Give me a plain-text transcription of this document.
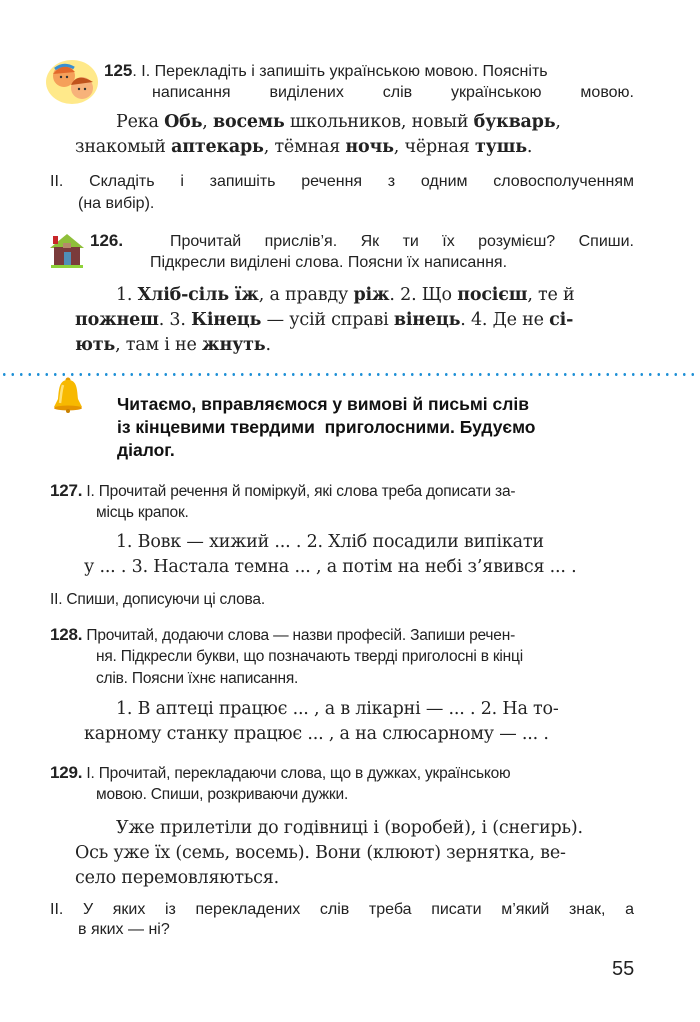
125. І. Перекладіть і запишіть українською мовою. Поясніть
написання виділених слів українською мовою.
Река Обь, восемь школьников, новый букварь,
знакомый аптекарь, тёмная ночь, чёрная тушь.
ІІ. Складіть і запишіть речення з одним словосполученням
(на вибір).
126.	Прочитай прислів’я. Як ти їх розумієш? Спиши.
Підкресли виділені слова. Поясни їх написання.
1. Хліб-сіль їж, а правду ріж. 2. Що посієш, те й
пожнеш. 3. Кінець — усій справі вінець. 4. Де не сі-
ють, там і не жнуть.
Читаємо, вправляємося у вимові й письмі слів
із кінцевими твердими  приголосними. Будуємо
діалог.
127. І. Прочитай речення й поміркуй, які слова треба дописати за-
місць крапок.
1. Вовк — хижий ... . 2. Хліб посадили випікати
у ... . 3. Настала темна ... , а потім на небі з’явився ... .
ІІ. Спиши, дописуючи ці слова.
128. Прочитай, додаючи слова — назви професій. Запиши речен-
ня. Підкресли букви, що позначають тверді приголосні в кінці
слів. Поясни їхнє написання.
1. В аптеці працює ... , а в лікарні — ... . 2. На то-
карному станку працює ... , а на слюсарному — ... .
129. І. Прочитай, перекладаючи слова, що в дужках, українською
мовою. Спиши, розкриваючи дужки.
Уже прилетіли до годівниці і (воробей), і (снегирь).
Ось уже їх (семь, восемь). Вони (клюют) зернятка, ве-
село перемовляються.
ІІ. У яких із перекладених слів треба писати м’який знак, а
в яких — ні?
55
